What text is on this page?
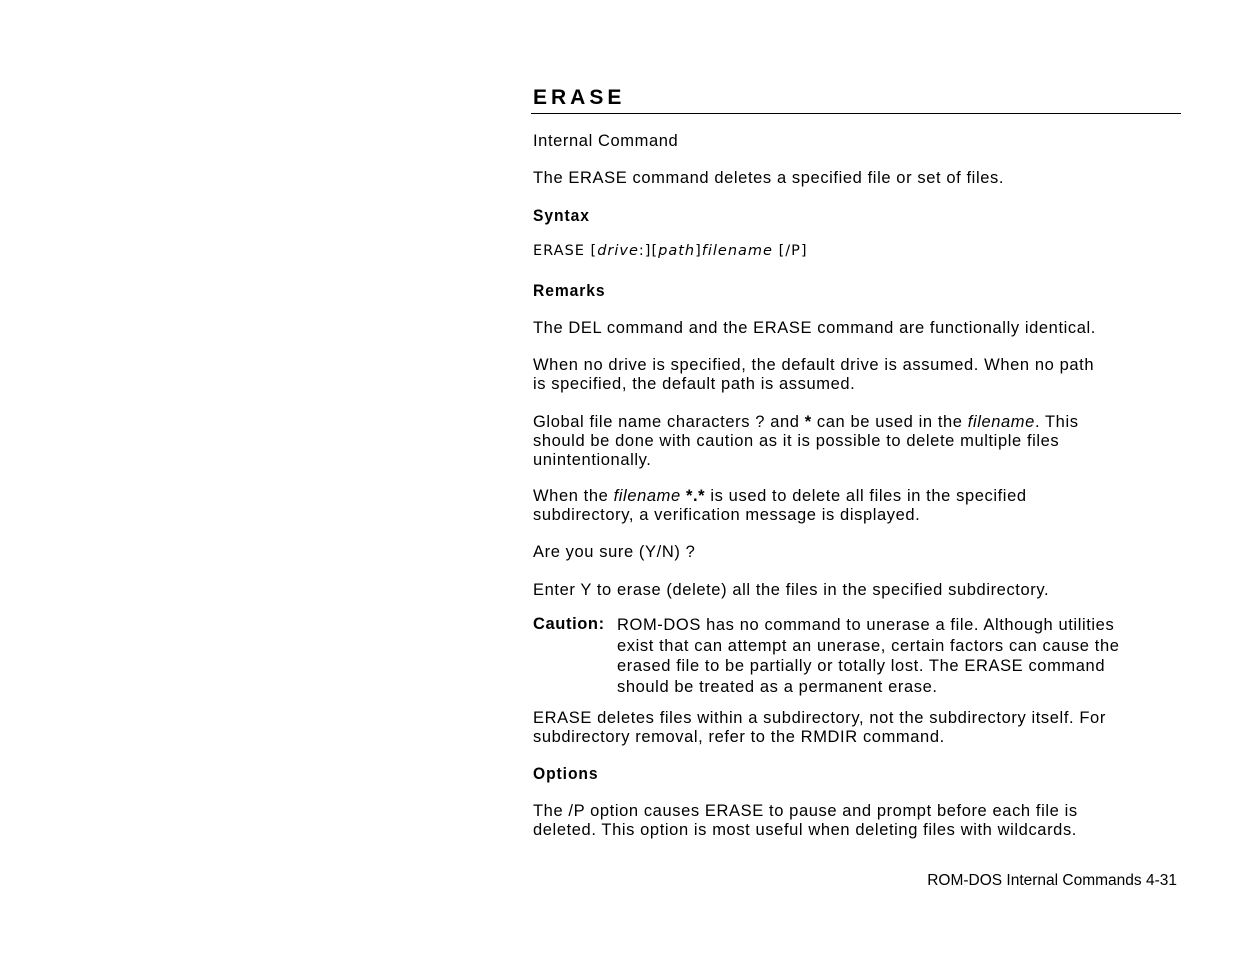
ERASE

Internal Command

The ERASE command deletes a specified file or set of files.

Syntax

ERASE [drive:][path]filename [/P]

Remarks

The DEL command and the ERASE command are functionally identical.

When no drive is specified, the default drive is assumed. When no path
is specified, the default path is assumed.

Global file name characters ? and * can be used in the filename. This
should be done with caution as it is possible to delete multiple files
unintentionally.

When the filename *.* is used to delete all files in the specified
subdirectory, a verification message is displayed.

Are you sure (Y/N) ?

Enter Y to erase (delete) all the files in the specified subdirectory.

Caution: ROM-DOS has no command to unerase a file. Although utilities
exist that can attempt an unerase, certain factors can cause the
erased file to be partially or totally lost. The ERASE command
should be treated as a permanent erase.

ERASE deletes files within a subdirectory, not the subdirectory itself. For
subdirectory removal, refer to the RMDIR command.

Options

The /P option causes ERASE to pause and prompt before each file is
deleted. This option is most useful when deleting files with wildcards.

ROM-DOS Internal Commands 4-31
